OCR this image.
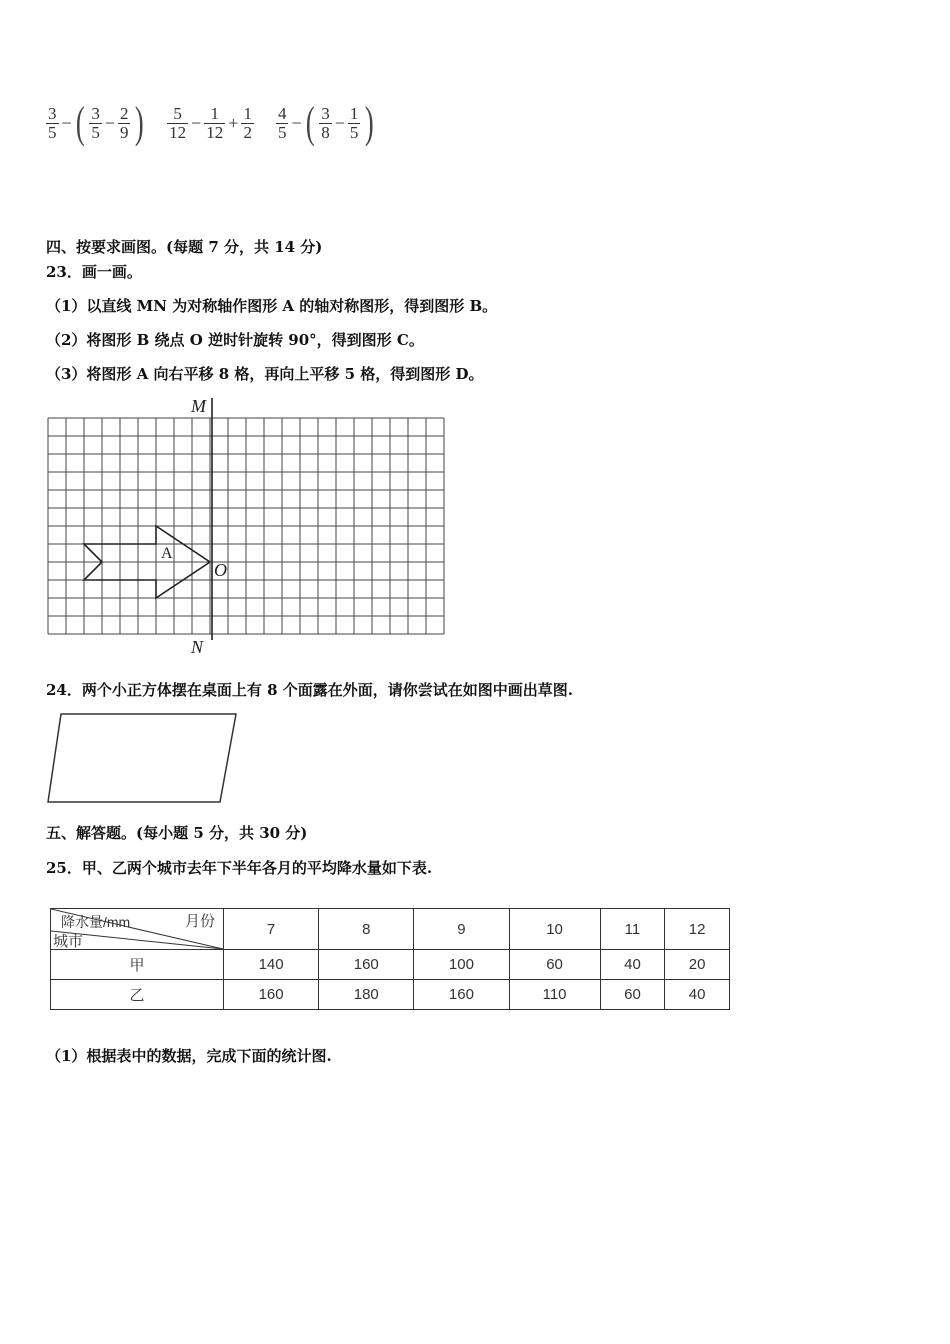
$\frac{3}{5}$ − ( $\frac{3}{5} - \frac{2}{9}$ ) $\frac{5}{12} - \frac{1}{12} + \frac{1}{2} \frac{4}{5}$ − ( $\frac{3}{8} - \frac{1}{5}$ )
四、按要求画图。(每题 7 分，共 14 分)
23．画一画。
（1）以直线 MN 为对称轴作图形 A 的轴对称图形，得到图形 B。
（2）将图形 B 绕点 O 逆时针旋转 90°，得到图形 C。
（3）将图形 A 向右平移 8 格，再向上平移 5 格，得到图形 D。
M
N
O
A
24．两个小正方体摆在桌面上有 8 个面露在外面，请你尝试在如图中画出草图.
五、解答题。(每小题 5 分，共 30 分)
25．甲、乙两个城市去年下半年各月的平均降水量如下表.
降水量/mm 月份
城市	7	8	9	10	11	12
甲	140	160	100	60	40	20
乙	160	180	160	110	60	40
（1）根据表中的数据，完成下面的统计图.
